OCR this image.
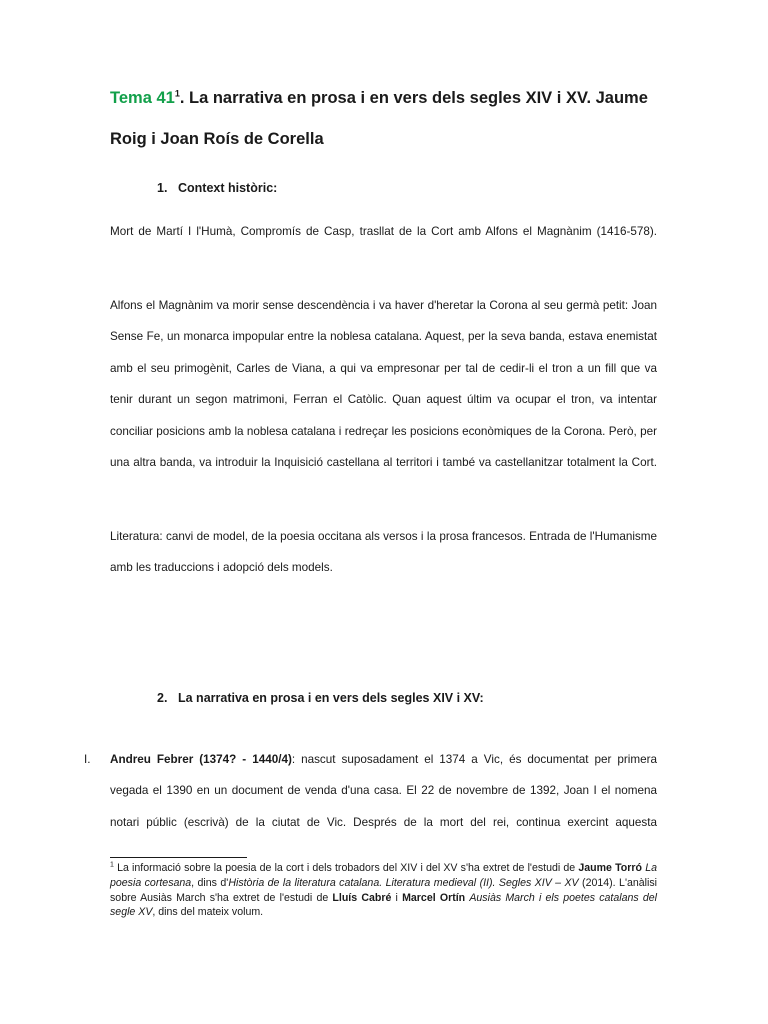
Tema $41^1$. La narrativa en prosa i en vers dels segles XIV i XV. Jaume Roig i Joan Roís de Corella
1. Context històric:

Mort de Martí I l'Humà, Compromís de Casp, trasllat de la Cort amb Alfons el Magnànim (1416-578).

Alfons el Magnànim va morir sense descendència i va haver d'heretar la Corona al seu germà petit: Joan Sense Fe, un monarca impopular entre la noblesa catalana. Aquest, per la seva banda, estava enemistat amb el seu primogènit, Carles de Viana, a qui va empresonar per tal de cedir-li el tron a un fill que va tenir durant un segon matrimoni, Ferran el Catòlic. Quan aquest últim va ocupar el tron, va intentar conciliar posicions amb la noblesa catalana i redreçar les posicions econòmiques de la Corona. Però, per una altra banda, va introduir la Inquisició castellana al territori i també va castellanitzar totalment la Cort.

Literatura: canvi de model, de la poesia occitana als versos i la prosa francesos. Entrada de l'Humanisme amb les traduccions i adopció dels models.

2. La narrativa en prosa i en vers dels segles XIV i XV:
I. Andreu Febrer (1374? - 1440/4): nascut suposadament el 1374 a Vic, és documentat per primera vegada el 1390 en un document de venda d'una casa. El 22 de novembre de 1392, Joan I el nomena notari públic (escrivà) de la ciutat de Vic. Després de la mort del rei, continua exercint aquesta

$^1$ La informació sobre la poesia de la cort i dels trobadors del XIV i del XV s'ha extret de l'estudi de Jaume Torró La poesia cortesana, dins d'Història de la literatura catalana. Literatura medieval (II). Segles XIV – XV (2014). L'anàlisi sobre Ausiàs March s'ha extret de l'estudi de Lluís Cabré i Marcel Ortín Ausiàs March i els poetes catalans del segle XV, dins del mateix volum.
